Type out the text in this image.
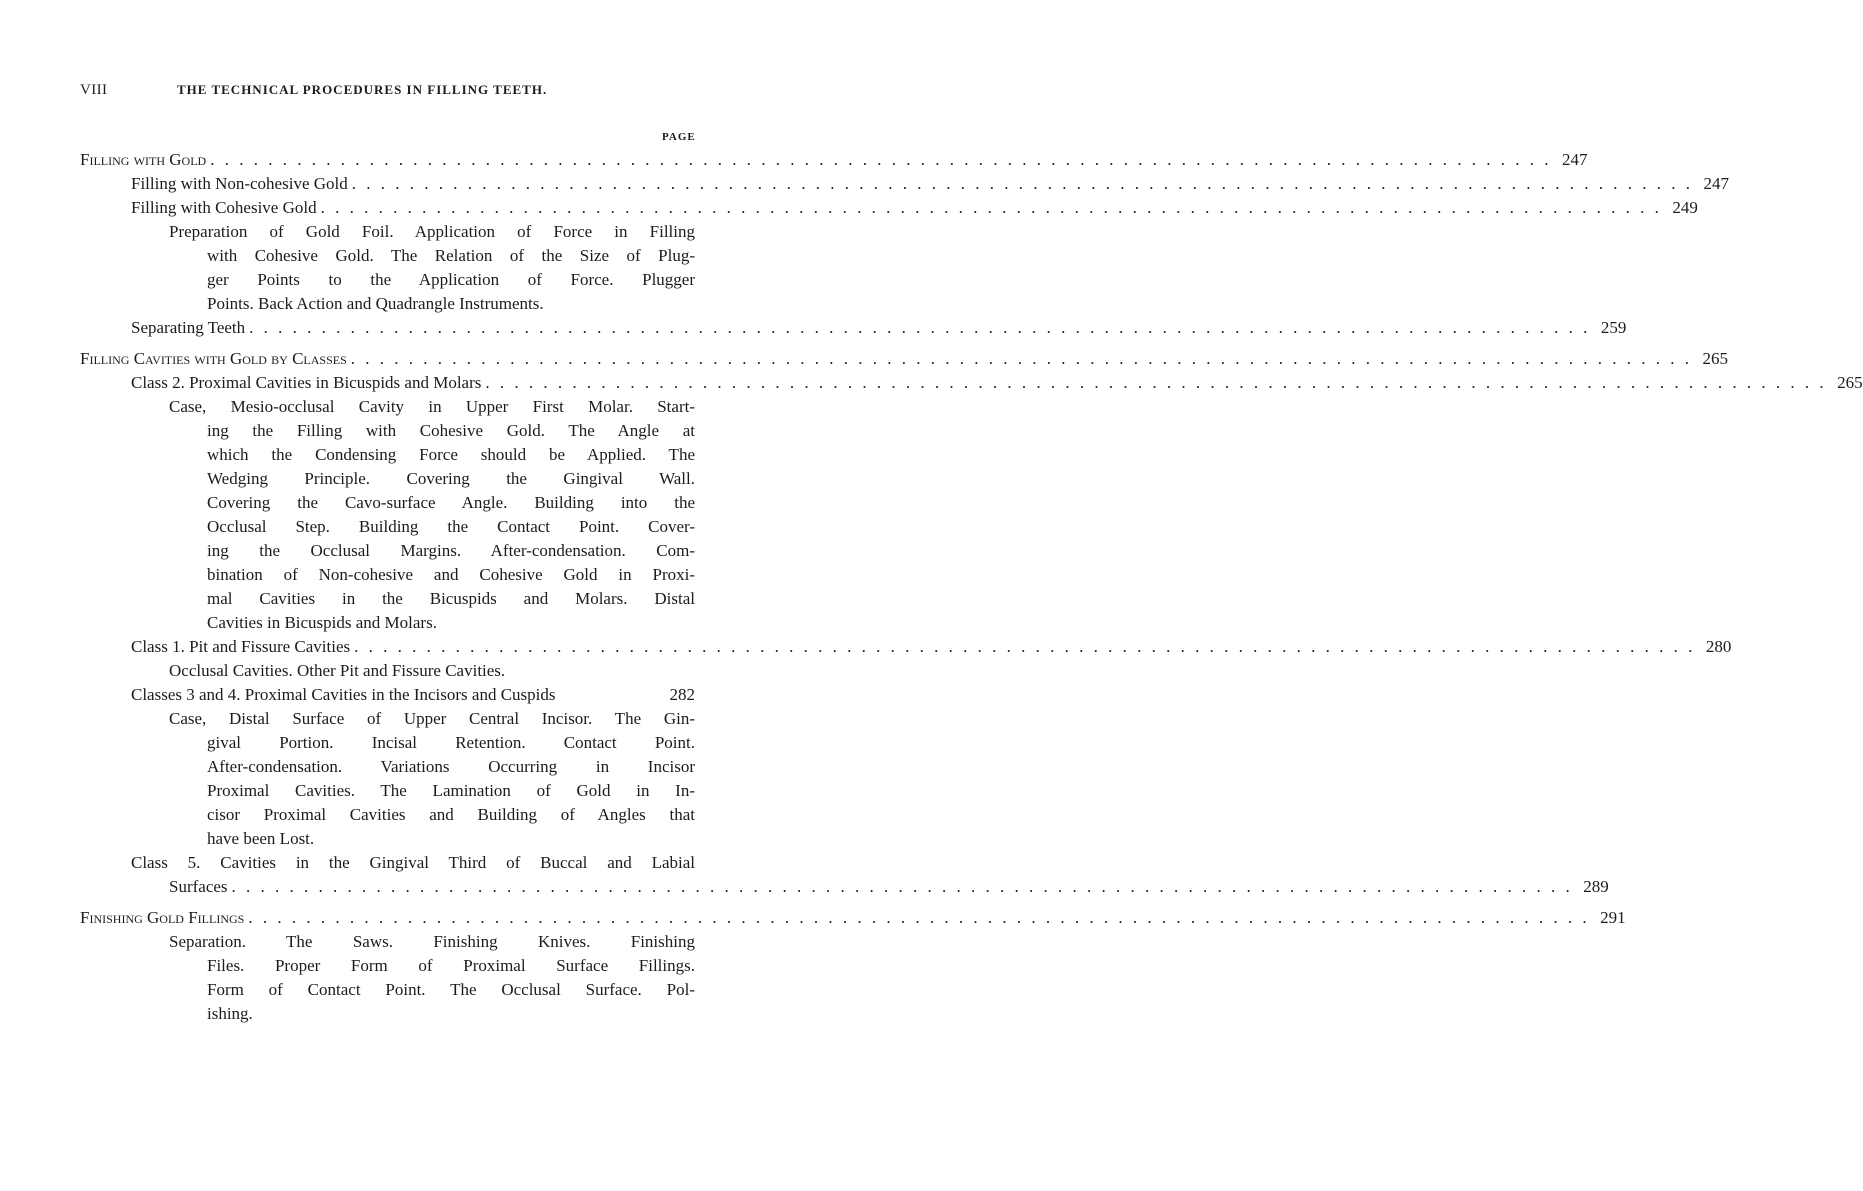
VIII	THE TECHNICAL PROCEDURES IN FILLING TEETH.
PAGE
Filling with Gold . . . . . . . . . . . . . . . . . . . . . . . . . . . . . . . . . . . . . . . . . . . . . . . . . . . . . . . . . . . . . . . . . . . . . . . . . . . . . . . . . . . . . . . . . . . . . 247
Filling with Non-cohesive Gold . . . . . . . . . . . . . . . . . . . . . . . . . . . . . . . . . . . . . . . . . . . . . . . . . . . . . . . . . . . . . . . . . . . . . . . . . . . . . . . . . . . . . . . . . . . . . 247
Filling with Cohesive Gold . . . . . . . . . . . . . . . . . . . . . . . . . . . . . . . . . . . . . . . . . . . . . . . . . . . . . . . . . . . . . . . . . . . . . . . . . . . . . . . . . . . . . . . . . . . . . 249
Preparation of Gold Foil. Application of Force in Filling
with Cohesive Gold. The Relation of the Size of Plug-
ger Points to the Application of Force. Plugger
Points. Back Action and Quadrangle Instruments.
Separating Teeth . . . . . . . . . . . . . . . . . . . . . . . . . . . . . . . . . . . . . . . . . . . . . . . . . . . . . . . . . . . . . . . . . . . . . . . . . . . . . . . . . . . . . . . . . . . . . 259
Filling Cavities with Gold by Classes . . . . . . . . . . . . . . . . . . . . . . . . . . . . . . . . . . . . . . . . . . . . . . . . . . . . . . . . . . . . . . . . . . . . . . . . . . . . . . . . . . . . . . . . . . . . . 265
Class 2. Proximal Cavities in Bicuspids and Molars . . . . . . . . . . . . . . . . . . . . . . . . . . . . . . . . . . . . . . . . . . . . . . . . . . . . . . . . . . . . . . . . . . . . . . . . . . . . . . . . . . . . . . . . . . . . . 265
Case, Mesio-occlusal Cavity in Upper First Molar. Start-
ing the Filling with Cohesive Gold. The Angle at
which the Condensing Force should be Applied. The
Wedging Principle. Covering the Gingival Wall.
Covering the Cavo-surface Angle. Building into the
Occlusal Step. Building the Contact Point. Cover-
ing the Occlusal Margins. After-condensation. Com-
bination of Non-cohesive and Cohesive Gold in Proxi-
mal Cavities in the Bicuspids and Molars. Distal
Cavities in Bicuspids and Molars.
Class 1. Pit and Fissure Cavities . . . . . . . . . . . . . . . . . . . . . . . . . . . . . . . . . . . . . . . . . . . . . . . . . . . . . . . . . . . . . . . . . . . . . . . . . . . . . . . . . . . . . . . . . . . . . 280
Occlusal Cavities. Other Pit and Fissure Cavities.
Classes 3 and 4. Proximal Cavities in the Incisors and Cuspids	282
Case, Distal Surface of Upper Central Incisor. The Gin-
gival Portion. Incisal Retention. Contact Point.
After-condensation. Variations Occurring in Incisor
Proximal Cavities. The Lamination of Gold in In-
cisor Proximal Cavities and Building of Angles that
have been Lost.
Class 5. Cavities in the Gingival Third of Buccal and Labial
Surfaces . . . . . . . . . . . . . . . . . . . . . . . . . . . . . . . . . . . . . . . . . . . . . . . . . . . . . . . . . . . . . . . . . . . . . . . . . . . . . . . . . . . . . . . . . . . . . 289
Finishing Gold Fillings . . . . . . . . . . . . . . . . . . . . . . . . . . . . . . . . . . . . . . . . . . . . . . . . . . . . . . . . . . . . . . . . . . . . . . . . . . . . . . . . . . . . . . . . . . . . . 291
Separation. The Saws. Finishing Knives. Finishing
Files. Proper Form of Proximal Surface Fillings.
Form of Contact Point. The Occlusal Surface. Pol-
ishing.
